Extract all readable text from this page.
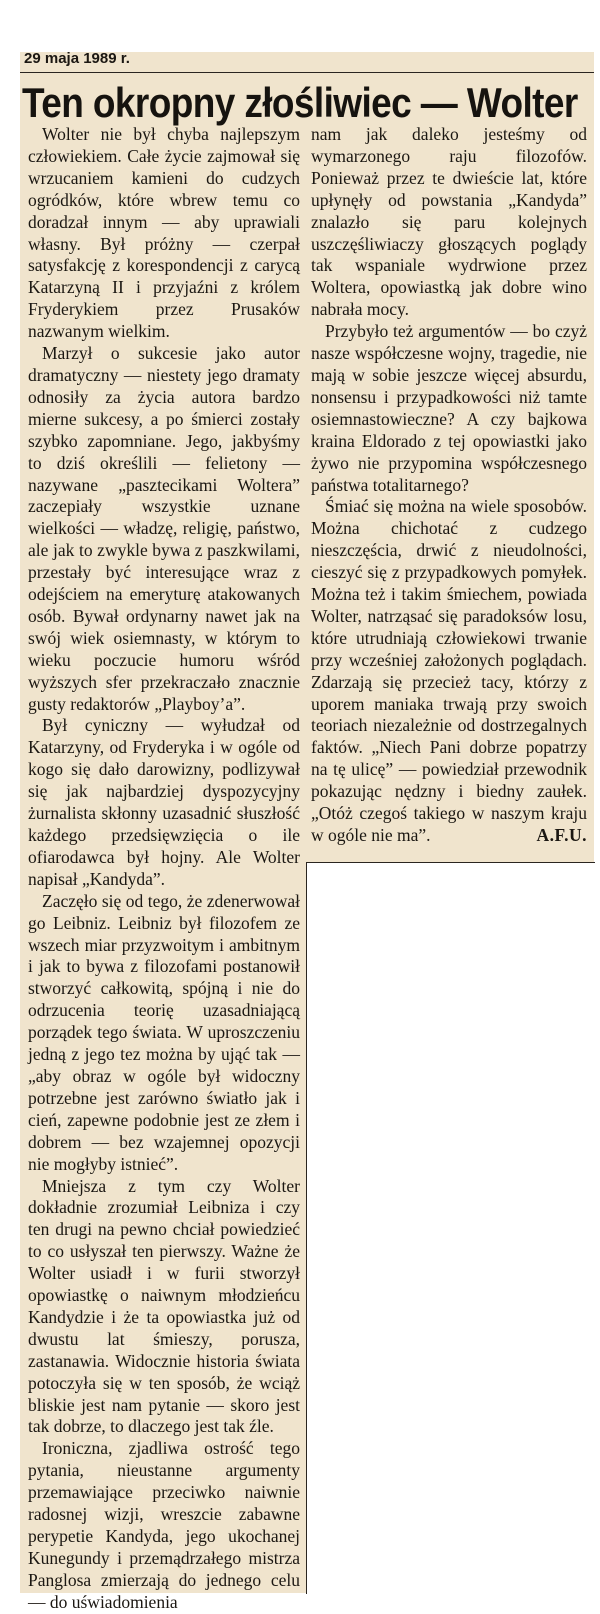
29 maja 1989 r.
Ten okropny złośliwiec — Wolter

Wolter nie był chyba najlepszym człowiekiem. Całe życie zajmował się wrzucaniem kamieni do cudzych ogródków, które wbrew temu co doradzał innym — aby uprawiali własny. Był próżny — czerpał satysfakcję z korespondencji z carycą Katarzyną II i przyjaźni z królem Fryderykiem przez Prusaków nazwanym wielkim.

Marzył o sukcesie jako autor dramatyczny — niestety jego dramaty odnosiły za życia autora bardzo mierne sukcesy, a po śmierci zostały szybko zapomniane. Jego, jakbyśmy to dziś określili — felietony — nazywane „pasztecikami Woltera” zaczepiały wszystkie uznane wielkości — władzę, religię, państwo, ale jak to zwykle bywa z paszkwilami, przestały być interesujące wraz z odejściem na emeryturę atakowanych osób. Bywał ordynarny nawet jak na swój wiek osiemnasty, w którym to wieku poczucie humoru wśród wyższych sfer przekraczało znacznie gusty redaktorów „Playboy’a”.

Był cyniczny — wyłudzał od Katarzyny, od Fryderyka i w ogóle od kogo się dało darowizny, podlizywał się jak najbardziej dyspozycyjny żurnalista skłonny uzasadnić słuszłość każdego przedsięwzięcia o ile ofiarodawca był hojny. Ale Wolter napisał „Kandyda”.

Zaczęło się od tego, że zdenerwował go Leibniz. Leibniz był filozofem ze wszech miar przyzwoitym i ambitnym i jak to bywa z filozofami postanowił stworzyć całkowitą, spójną i nie do odrzucenia teorię uzasadniającą porządek tego świata. W uproszczeniu jedną z jego tez można by ująć tak — „aby obraz w ogóle był widoczny potrzebne jest zarówno światło jak i cień, zapewne podobnie jest ze złem i dobrem — bez wzajemnej opozycji nie mogłyby istnieć”.

Mniejsza z tym czy Wolter dokładnie zrozumiał Leibniza i czy ten drugi na pewno chciał powiedzieć to co usłyszał ten pierwszy. Ważne że Wolter usiadł i w furii stworzył opowiastkę o naiwnym młodzieńcu Kandydzie i że ta opowiastka już od dwustu lat śmieszy, porusza, zastanawia. Widocznie historia świata potoczyła się w ten sposób, że wciąż bliskie jest nam pytanie — skoro jest tak dobrze, to dlaczego jest tak źle.

Ironiczna, zjadliwa ostrość tego pytania, nieustanne argumenty przemawiające przeciwko naiwnie radosnej wizji, wreszcie zabawne perypetie Kandyda, jego ukochanej Kunegundy i przemądrzałego mistrza Panglosa zmierzają do jednego celu — do uświadomienia

nam jak daleko jesteśmy od wymarzonego raju filozofów. Ponieważ przez te dwieście lat, które upłynęły od powstania „Kandyda” znalazło się paru kolejnych uszczęśliwiaczy głoszących poglądy tak wspaniale wydrwione przez Woltera, opowiastką jak dobre wino nabrała mocy.

Przybyło też argumentów — bo czyż nasze współczesne wojny, tragedie, nie mają w sobie jeszcze więcej absurdu, nonsensu i przypadkowości niż tamte osiemnastowieczne? A czy bajkowa kraina Eldorado z tej opowiastki jako żywo nie przypomina współczesnego państwa totalitarnego?

Śmiać się można na wiele sposobów. Można chichotać z cudzego nieszczęścia, drwić z nieudolności, cieszyć się z przypadkowych pomyłek. Można też i takim śmiechem, powiada Wolter, natrząsać się paradoksów losu, które utrudniają człowiekowi trwanie przy wcześniej założonych poglądach. Zdarzają się przecież tacy, którzy z uporem maniaka trwają przy swoich teoriach niezależnie od dostrzegalnych faktów. „Niech Pani dobrze popatrzy na tę ulicę” — powiedział przewodnik pokazując nędzny i biedny zaułek. „Otóż czegoś takiego w naszym kraju w ogóle nie ma”.	A.F.U.
